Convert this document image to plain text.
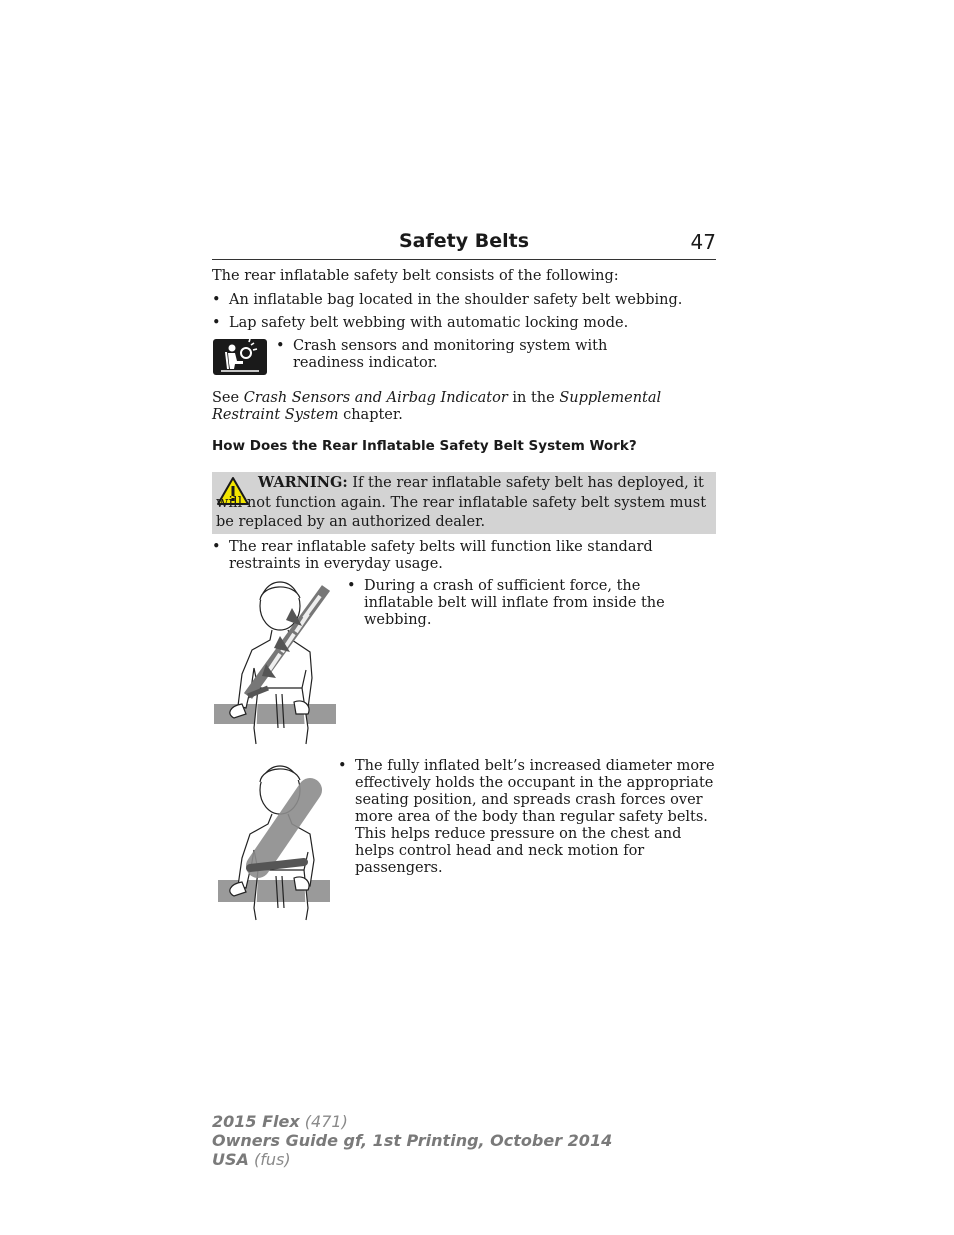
Safety Belts	47
The rear inflatable safety belt consists of the following:
• An inflatable bag located in the shoulder safety belt webbing.
• Lap safety belt webbing with automatic locking mode.
• Crash sensors and monitoring system with readiness indicator.
See Crash Sensors and Airbag Indicator in the Supplemental Restraint System chapter.
How Does the Rear Inflatable Safety Belt System Work?
WARNING: If the rear inflatable safety belt has deployed, it will not function again. The rear inflatable safety belt system must be replaced by an authorized dealer.
• The rear inflatable safety belts will function like standard restraints in everyday usage.
• During a crash of sufficient force, the inflatable belt will inflate from inside the webbing.
• The fully inflated belt’s increased diameter more effectively holds the occupant in the appropriate seating position, and spreads crash forces over more area of the body than regular safety belts. This helps reduce pressure on the chest and helps control head and neck motion for passengers.
2015 Flex (471)
Owners Guide gf, 1st Printing, October 2014
USA (fus)
